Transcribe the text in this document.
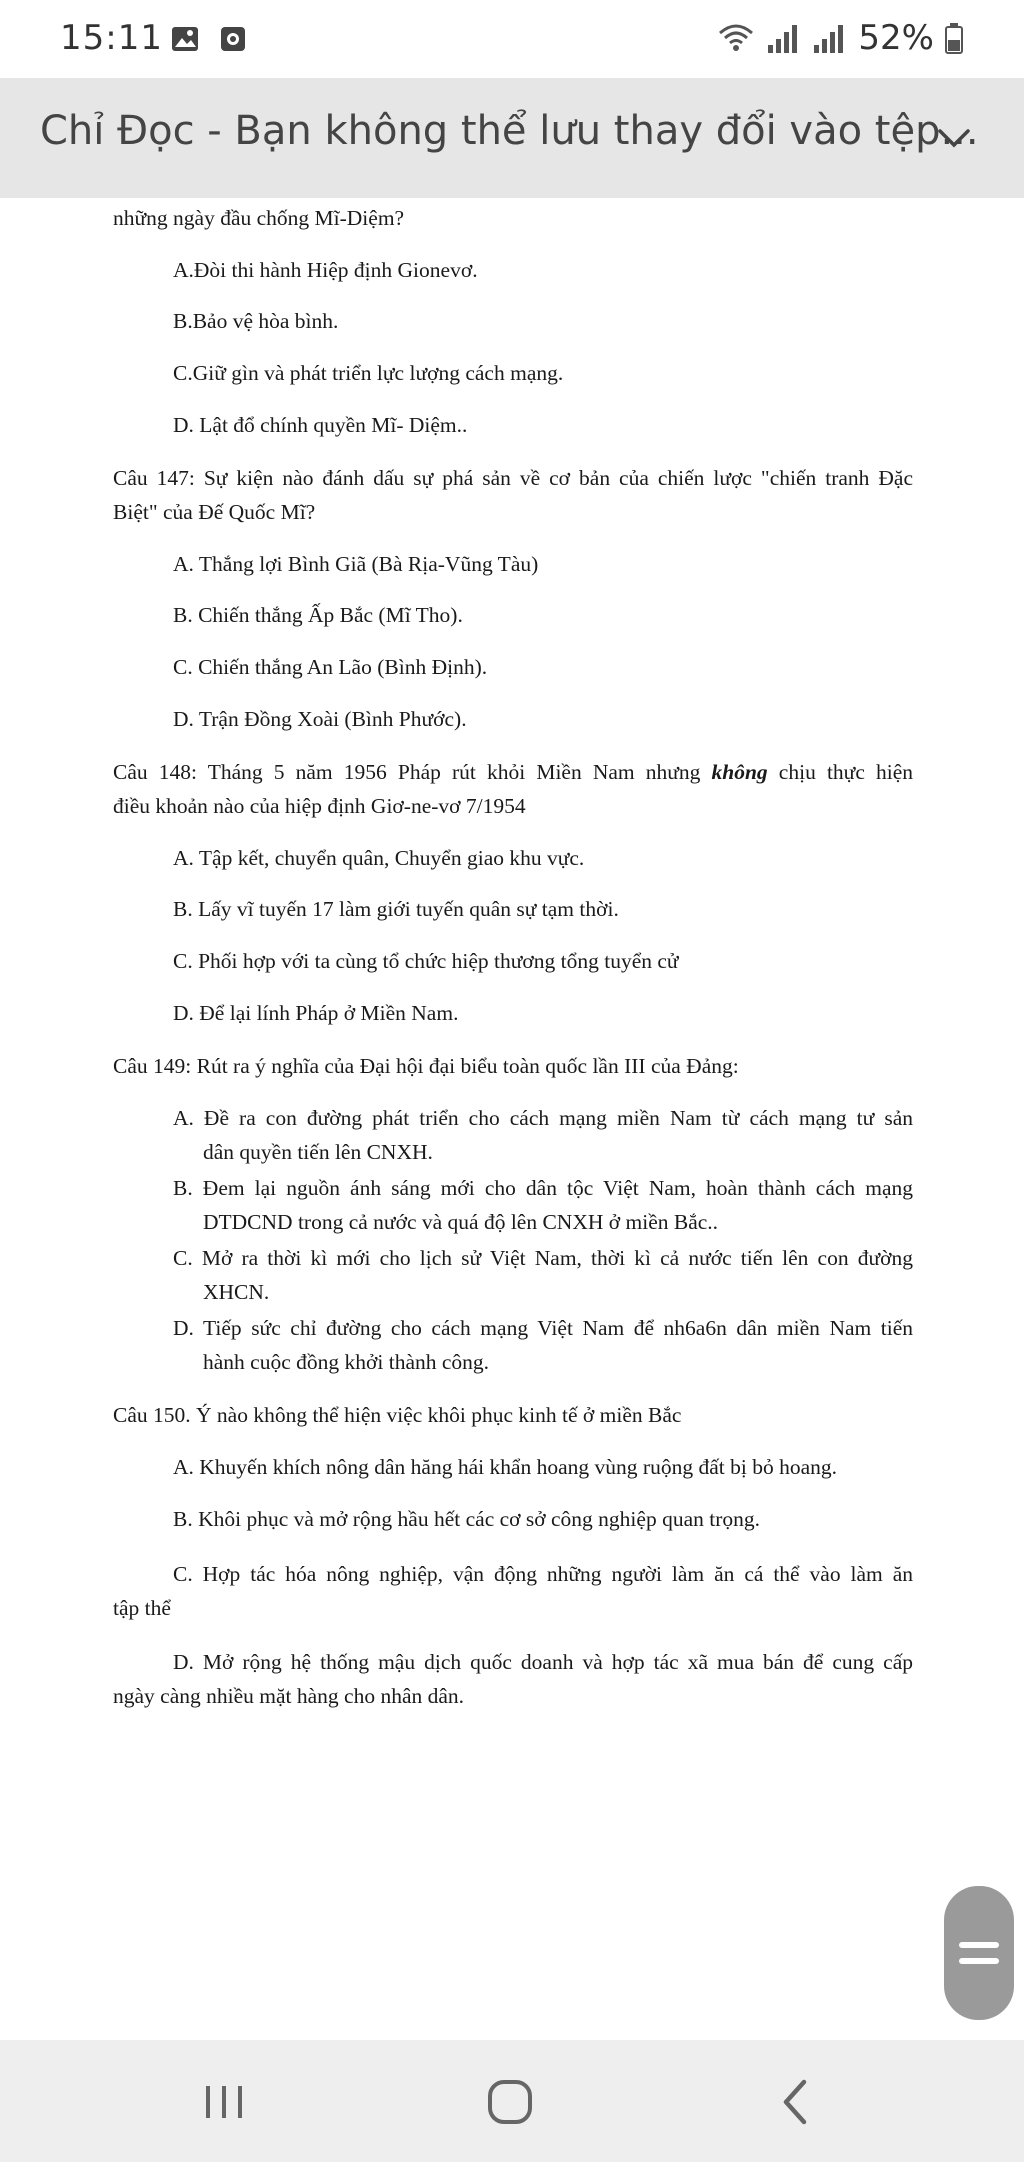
15:11	52%
Chỉ Đọc - Bạn không thể lưu thay đổi vào tệp...
những ngày đầu chống Mĩ-Diệm?
A.Đòi thi hành Hiệp định Gionevơ.
B.Bảo vệ hòa bình.
C.Giữ gìn và phát triển lực lượng cách mạng.
D. Lật đổ chính quyền Mĩ- Diệm..
Câu 147: Sự kiện nào đánh dấu sự phá sản về cơ bản của chiến lược "chiến tranh Đặc
Biệt" của Đế Quốc Mĩ?
A. Thắng lợi Bình Giã (Bà Rịa-Vũng Tàu)
B. Chiến thắng Ấp Bắc (Mĩ Tho).
C. Chiến thắng An Lão (Bình Định).
D. Trận Đồng Xoài (Bình Phước).
Câu 148: Tháng 5 năm 1956 Pháp rút khỏi Miền Nam nhưng không chịu thực hiện
điều khoản nào của hiệp định Giơ-ne-vơ 7/1954
A. Tập kết, chuyển quân, Chuyển giao khu vực.
B. Lấy vĩ tuyến 17 làm giới tuyến quân sự tạm thời.
C. Phối hợp với ta cùng tổ chức hiệp thương tổng tuyển cử
D. Để lại lính Pháp ở Miền Nam.
Câu 149: Rút ra ý nghĩa của Đại hội đại biểu toàn quốc lần III của Đảng:
A. Đề ra con đường phát triển cho cách mạng miền Nam từ cách mạng tư sản
dân quyền tiến lên CNXH.
B. Đem lại nguồn ánh sáng mới cho dân tộc Việt Nam, hoàn thành cách mạng
DTDCND trong cả nước và quá độ lên CNXH ở miền Bắc..
C. Mở ra thời kì mới cho lịch sử Việt Nam, thời kì cả nước tiến lên con đường
XHCN.
D. Tiếp sức chỉ đường cho cách mạng Việt Nam để nh6a6n dân miền Nam tiến
hành cuộc đồng khởi thành công.
Câu 150. Ý nào không thể hiện việc khôi phục kinh tế ở miền Bắc
A. Khuyến khích nông dân hăng hái khẩn hoang vùng ruộng đất bị bỏ hoang.
B. Khôi phục và mở rộng hầu hết các cơ sở công nghiệp quan trọng.
C. Hợp tác hóa nông nghiệp, vận động những người làm ăn cá thể vào làm ăn
tập thể
D. Mở rộng hệ thống mậu dịch quốc doanh và hợp tác xã mua bán để cung cấp
ngày càng nhiều mặt hàng cho nhân dân.
